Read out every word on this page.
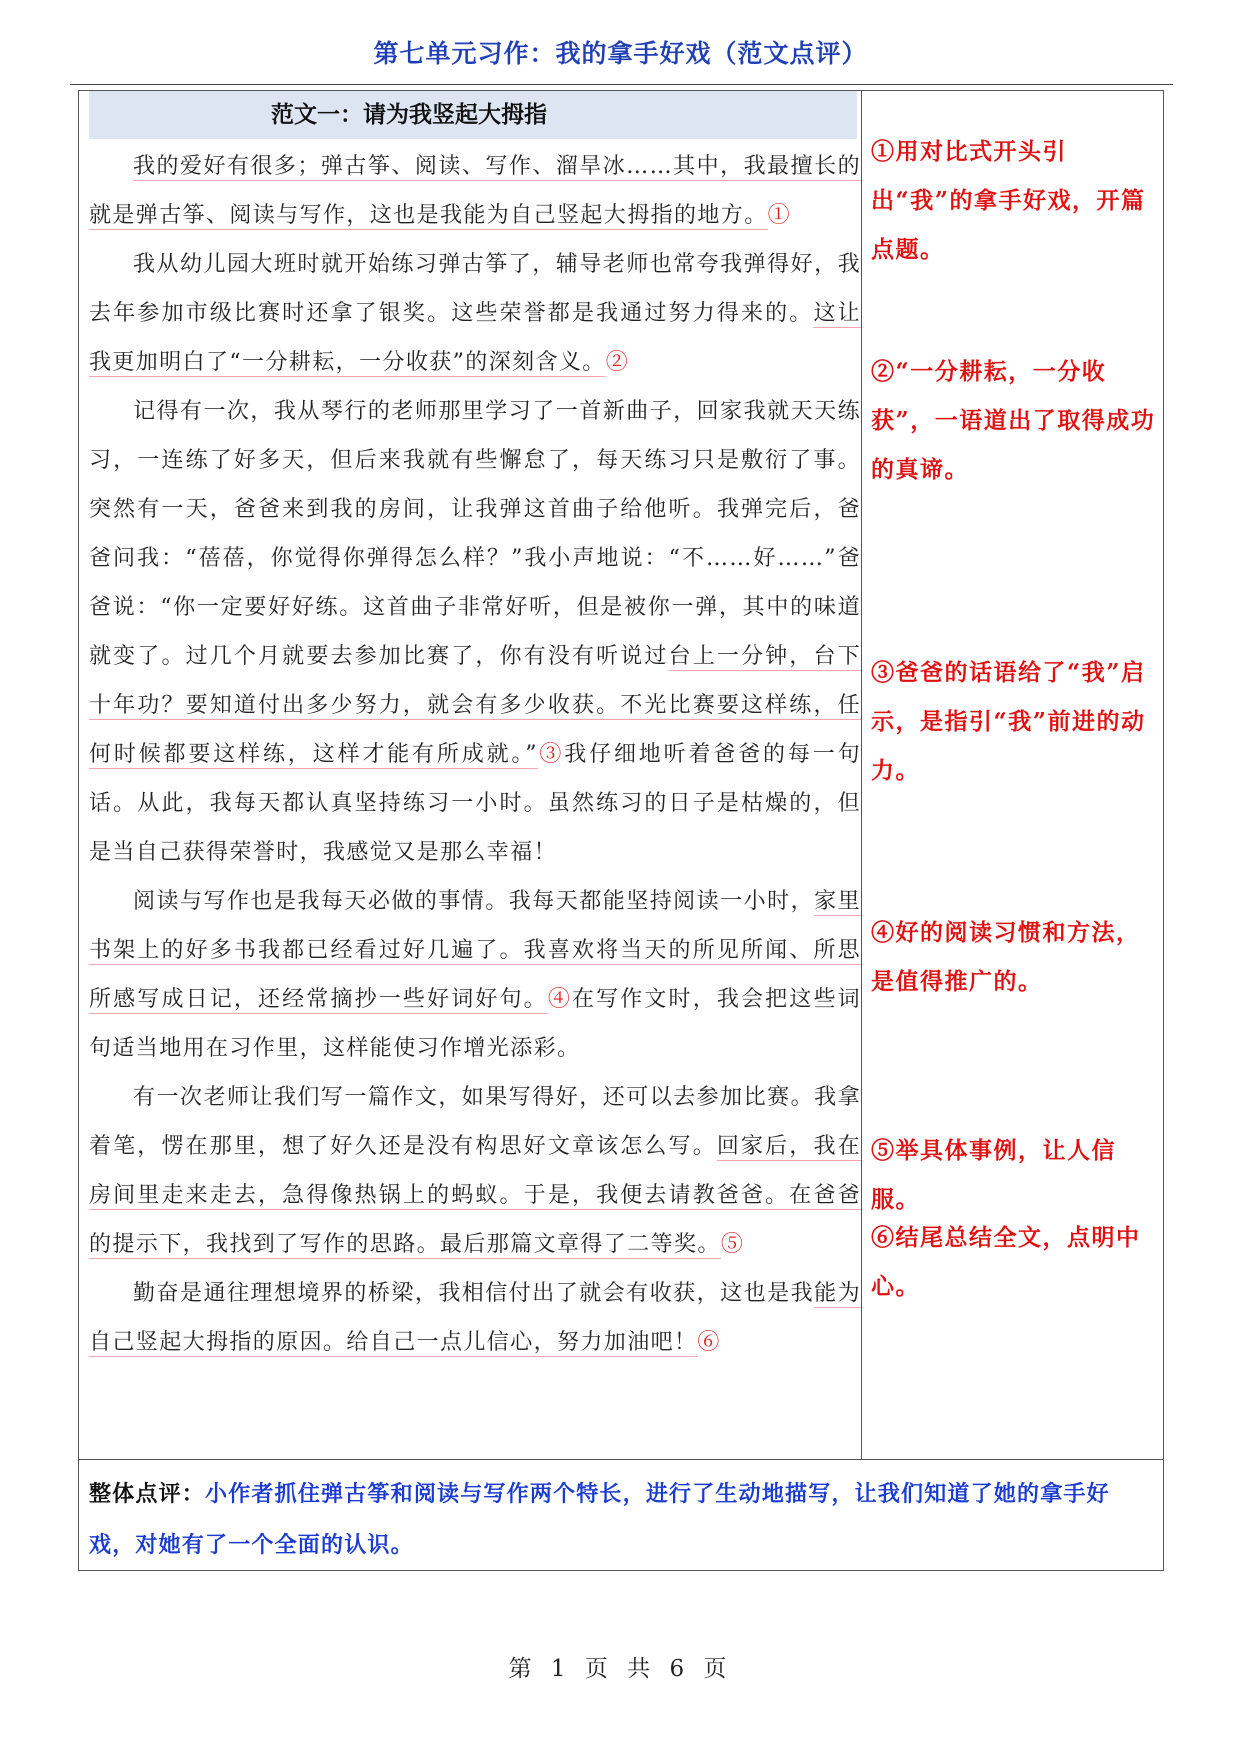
第七单元习作：我的拿手好戏（范文点评）
范文一：请为我竖起大拇指

我的爱好有很多；弹古筝、阅读、写作、溜旱冰……其中，我最擅长的就是弹古筝、阅读与写作，这也是我能为自己竖起大拇指的地方。①

我从幼儿园大班时就开始练习弹古筝了，辅导老师也常夸我弹得好，我去年参加市级比赛时还拿了银奖。这些荣誉都是我通过努力得来的。这让我更加明白了“一分耕耘，一分收获”的深刻含义。②

记得有一次，我从琴行的老师那里学习了一首新曲子，回家我就天天练习，一连练了好多天，但后来我就有些懈怠了，每天练习只是敷衍了事。突然有一天，爸爸来到我的房间，让我弹这首曲子给他听。我弹完后，爸爸问我：“蓓蓓，你觉得你弹得怎么样？”我小声地说：“不……好……”爸爸说：“你一定要好好练。这首曲子非常好听，但是被你一弹，其中的味道就变了。过几个月就要去参加比赛了，你有没有听说过台上一分钟，台下十年功？要知道付出多少努力，就会有多少收获。不光比赛要这样练，任何时候都要这样练，这样才能有所成就。”③我仔细地听着爸爸的每一句话。从此，我每天都认真坚持练习一小时。虽然练习的日子是枯燥的，但是当自己获得荣誉时，我感觉又是那么幸福！

阅读与写作也是我每天必做的事情。我每天都能坚持阅读一小时，家里书架上的好多书我都已经看过好几遍了。我喜欢将当天的所见所闻、所思所感写成日记，还经常摘抄一些好词好句。④在写作文时，我会把这些词句适当地用在习作里，这样能使习作增光添彩。

有一次老师让我们写一篇作文，如果写得好，还可以去参加比赛。我拿着笔，愣在那里，想了好久还是没有构思好文章该怎么写。回家后，我在房间里走来走去，急得像热锅上的蚂蚁。于是，我便去请教爸爸。在爸爸的提示下，我找到了写作的思路。最后那篇文章得了二等奖。⑤

勤奋是通往理想境界的桥梁，我相信付出了就会有收获，这也是我能为自己竖起大拇指的原因。给自己一点儿信心，努力加油吧！⑥

①用对比式开头引出“我”的拿手好戏，开篇点题。
②“一分耕耘，一分收获”，一语道出了取得成功的真谛。
③爸爸的话语给了“我”启示，是指引“我”前进的动力。
④好的阅读习惯和方法，是值得推广的。
⑤举具体事例，让人信服。
⑥结尾总结全文，点明中心。
整体点评：小作者抓住弹古筝和阅读与写作两个特长，进行了生动地描写，让我们知道了她的拿手好戏，对她有了一个全面的认识。
第 1 页 共 6 页
